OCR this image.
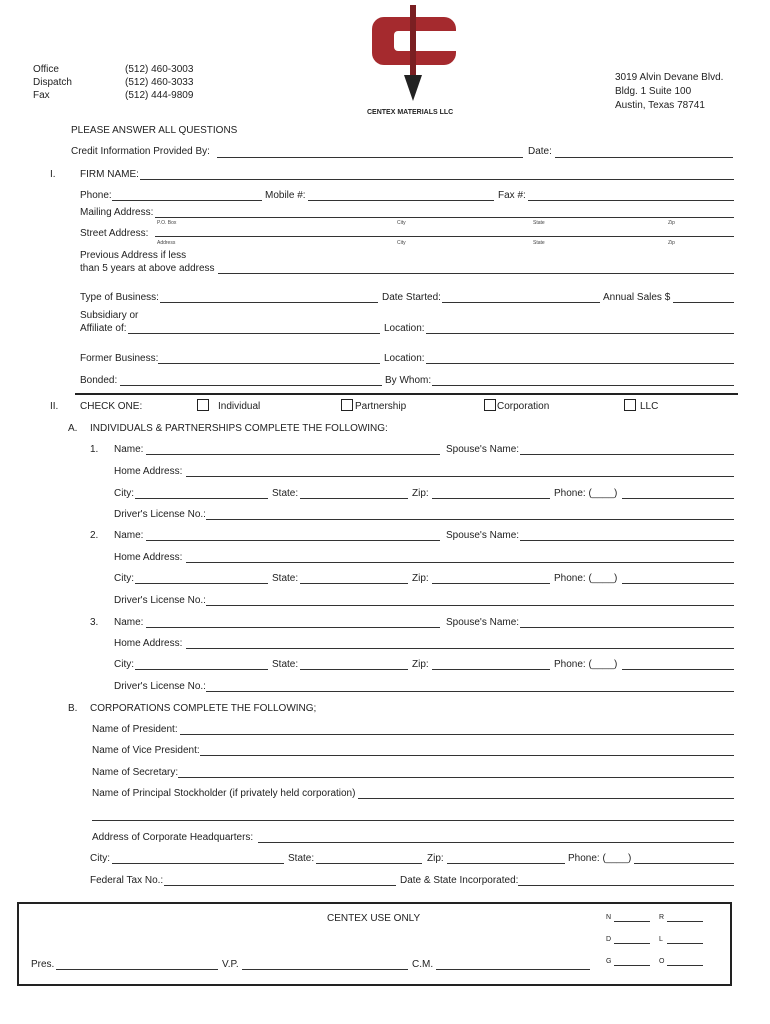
Office	(512) 460-3003
Dispatch	(512) 460-3033
Fax	(512) 444-9809
CENTEX MATERIALS LLC
3019 Alvin Devane Blvd.
Bldg. 1 Suite 100
Austin, Texas 78741
PLEASE ANSWER ALL QUESTIONS
Credit Information Provided By:	Date:
I. FIRM NAME:
Phone:	Mobile #:	Fax #:
Mailing Address:
P.O. Box	City	State	Zip
Street Address:
Address	City	State	Zip
Previous Address if less
than 5 years at above address
Type of Business:	Date Started:	Annual Sales $
Subsidiary or
Affiliate of:	Location:
Former Business:	Location:
Bonded:	By Whom:
II. CHECK ONE:	Individual	Partnership	Corporation	LLC
A. INDIVIDUALS & PARTNERSHIPS COMPLETE THE FOLLOWING:
1. Name:	Spouse's Name:
Home Address:
City:	State:	Zip:	Phone: (____)
Driver's License No.:
2. Name:	Spouse's Name:
Home Address:
City:	State:	Zip:	Phone: (____)
Driver's License No.:
3. Name:	Spouse's Name:
Home Address:
City:	State:	Zip:	Phone: (____)
Driver's License No.:
B. CORPORATIONS COMPLETE THE FOLLOWING;
Name of President:
Name of Vice President:
Name of Secretary:
Name of Principal Stockholder (if privately held corporation)
Address of Corporate Headquarters:
City:	State:	Zip:	Phone: (____)
Federal Tax No.:	Date & State Incorporated:
CENTEX USE ONLY
Pres.	V.P.	C.M.
N	R
D	L
G	O
